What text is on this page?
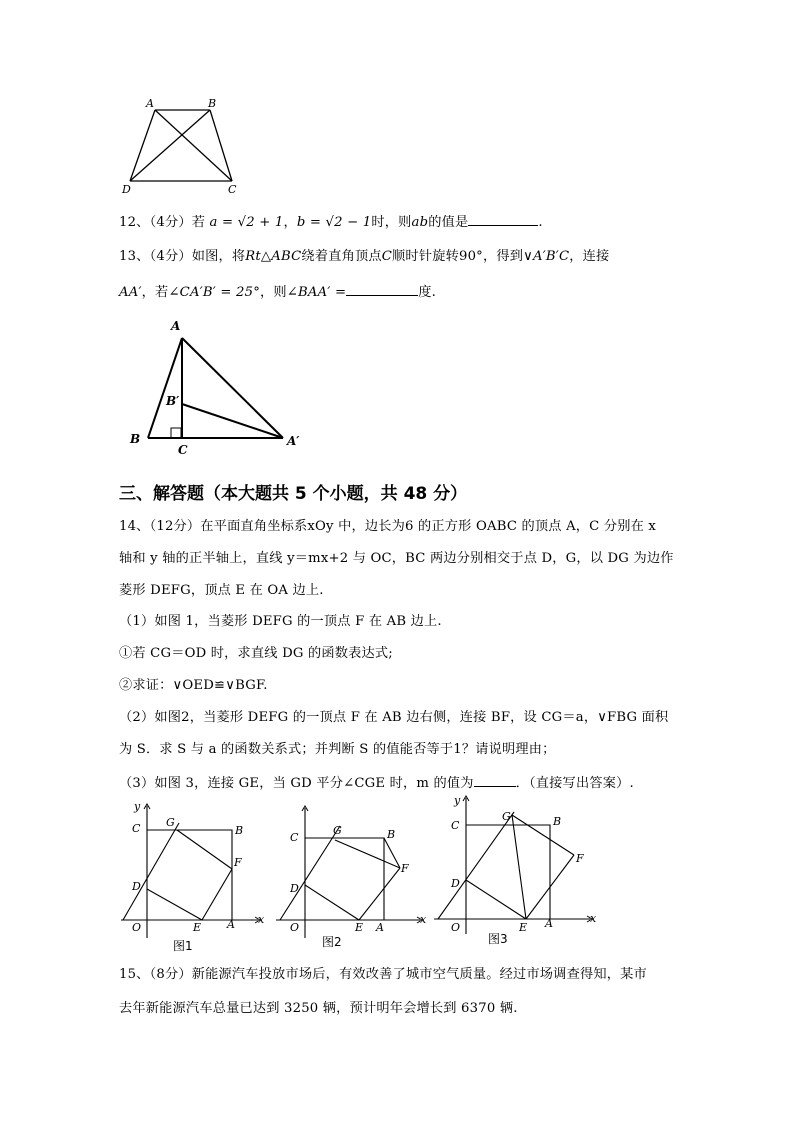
A	B
D	C
12、（4分）若 a = √2 + 1，b = √2 − 1时，则ab的值是	.
13、（4分）如图，将Rt△ABC绕着直角顶点C顺时针旋转90°，得到∨A′B′C，连接
AA′，若∠CA′B′ = 25°，则∠BAA′ =	度.
A
B′
B
C
A′
三、解答题（本大题共 5 个小题，共 48 分）
14、（12分）在平面直角坐标系xOy 中，边长为6 的正方形 OABC 的顶点 A，C 分别在 x
轴和 y 轴的正半轴上，直线 y＝mx+2 与 OC，BC 两边分别相交于点 D，G，以 DG 为边作
菱形 DEFG，顶点 E 在 OA 边上.
（1）如图 1，当菱形 DEFG 的一顶点 F 在 AB 边上.
①若 CG＝OD 时，求直线 DG 的函数表达式;
②求证：∨OED≌∨BGF.
（2）如图2，当菱形 DEFG 的一顶点 F 在 AB 边右侧，连接 BF，设 CG＝a，∨FBG 面积
为 S．求 S 与 a 的函数关系式；并判断 S 的值能否等于1？请说明理由；
（3）如图 3，连接 GE，当 GD 平分∠CGE 时，m 的值为	．（直接写出答案）.
y
x
C G
B
F
D
O	E A
图1
x
C
G	B
F
D
O	E A
图2
y
x
C
G	B
F
D
O	E A
图3
15、（8分）新能源汽车投放市场后，有效改善了城市空气质量。经过市场调查得知，某市
去年新能源汽车总量已达到 3250 辆，预计明年会增长到 6370 辆.
